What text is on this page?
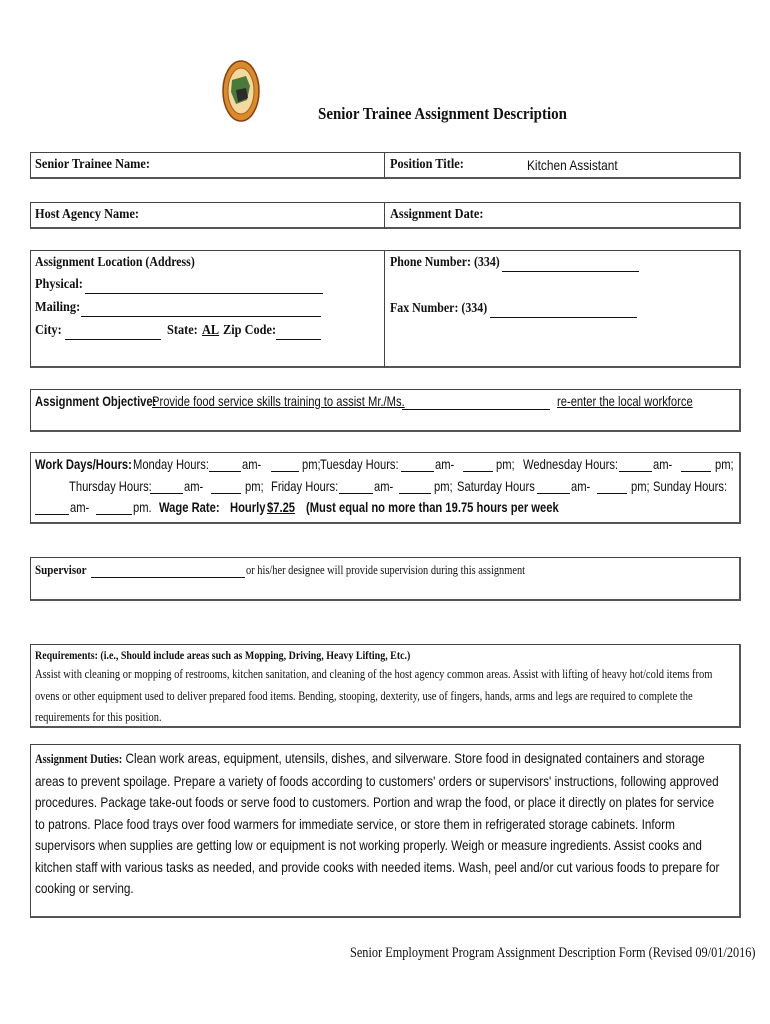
Senior Trainee Assignment Description
Senior Trainee Name:	Position Title:	Kitchen Assistant
Host Agency Name:	Assignment Date:
Assignment Location (Address)
Physical:
Mailing:
City:	State: AL Zip Code:
Phone Number: (334)
Fax Number: (334)
Assignment Objective:
Provide food service skills training to assist Mr./Ms.	re-enter the local workforce
Work Days/Hours: Monday Hours: am-	pm; Tuesday Hours:	am-	pm; Wednesday Hours: am-	pm;
Thursday Hours: am-	pm; Friday Hours:	am-	pm; Saturday Hours	am-	pm; Sunday Hours:
am-	pm. Wage Rate: Hourly $7.25 (Must equal no more than 19.75 hours per week
Supervisor	or his/her designee will provide supervision during this assignment
Requirements: (i.e., Should include areas such as Mopping, Driving, Heavy Lifting, Etc.)
Assist with cleaning or mopping of restrooms, kitchen sanitation, and cleaning of the host agency common areas. Assist with lifting of heavy hot/cold items from ovens or other equipment used to deliver prepared food items. Bending, stooping, dexterity, use of fingers, hands, arms and legs are required to complete the requirements for this position.
Assignment Duties: Clean work areas, equipment, utensils, dishes, and silverware. Store food in designated containers and storage areas to prevent spoilage. Prepare a variety of foods according to customers' orders or supervisors' instructions, following approved procedures. Package take-out foods or serve food to customers. Portion and wrap the food, or place it directly on plates for service to patrons. Place food trays over food warmers for immediate service, or store them in refrigerated storage cabinets. Inform supervisors when supplies are getting low or equipment is not working properly. Weigh or measure ingredients. Assist cooks and kitchen staff with various tasks as needed, and provide cooks with needed items. Wash, peel and/or cut various foods to prepare for cooking or serving.
Senior Employment Program Assignment Description Form (Revised 09/01/2016)
